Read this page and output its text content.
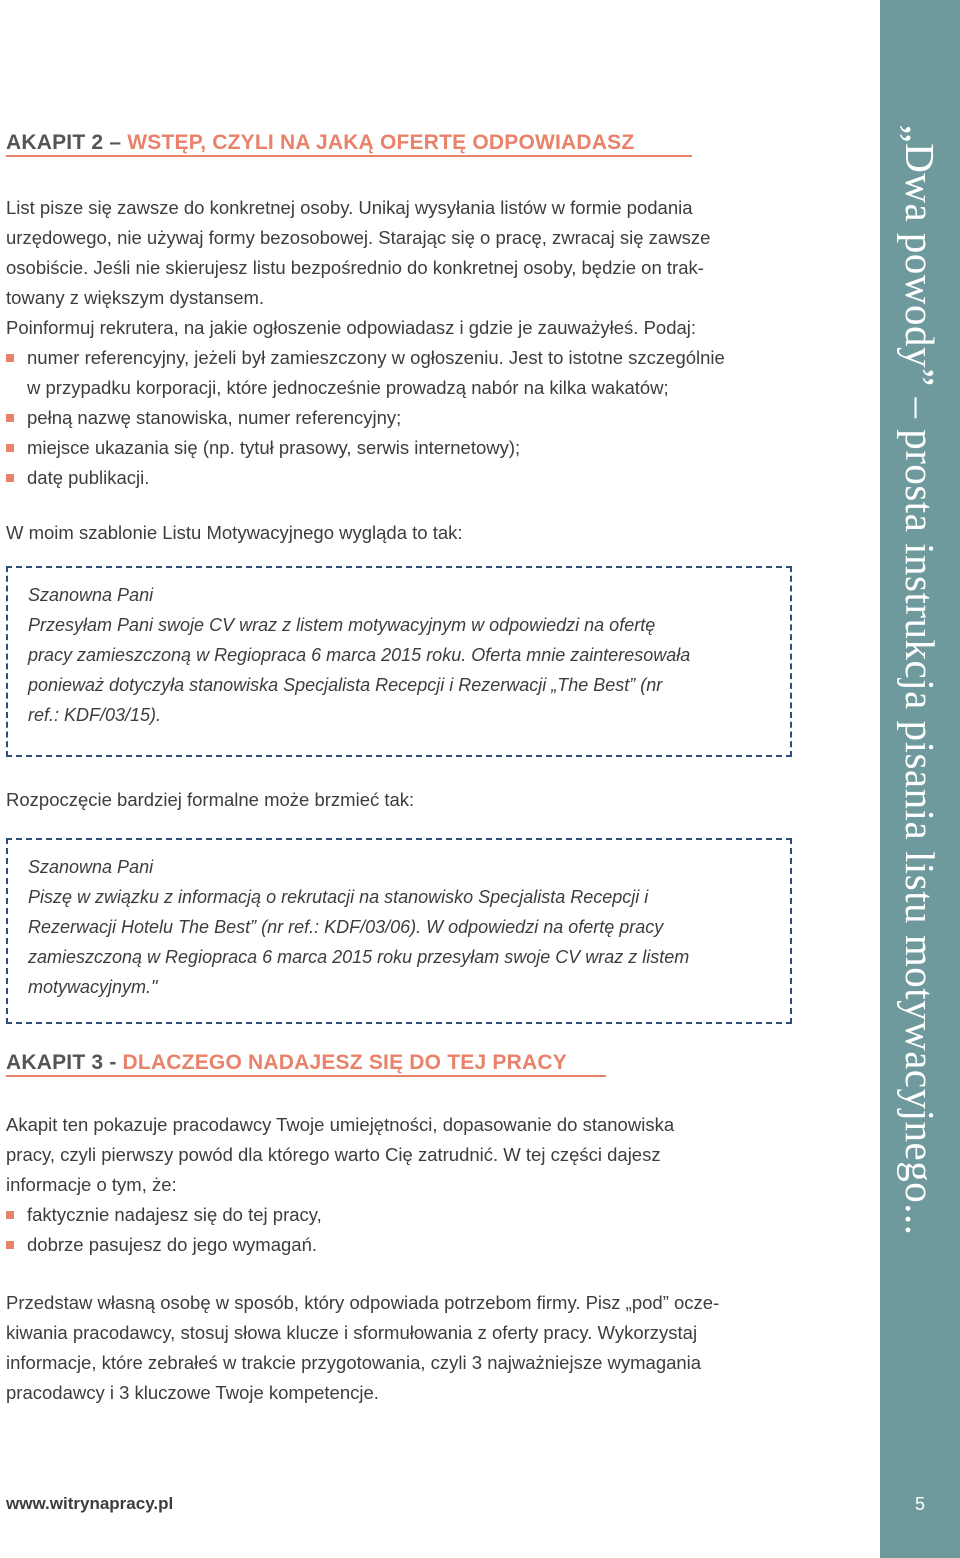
AKAPIT 2 – WSTĘP, CZYLI NA JAKĄ OFERTĘ ODPOWIADASZ

List pisze się zawsze do konkretnej osoby. Unikaj wysyłania listów w formie podania

urzędowego, nie używaj formy bezosobowej. Starając się o pracę, zwracaj się zawsze

osobiście. Jeśli nie skierujesz listu bezpośrednio do konkretnej osoby, będzie on trak-

towany z większym dystansem.

Poinformuj rekrutera, na jakie ogłoszenie odpowiadasz i gdzie je zauważyłeś. Podaj:

numer referencyjny, jeżeli był zamieszczony w ogłoszeniu. Jest to istotne szczególnie
w przypadku korporacji, które jednocześnie prowadzą nabór na kilka wakatów;
pełną nazwę stanowiska, numer referencyjny;
miejsce ukazania się (np. tytuł prasowy, serwis internetowy);
datę publikacji.

W moim szablonie Listu Motywacyjnego wygląda to tak:

Szanowna Pani

Przesyłam Pani swoje CV wraz z listem motywacyjnym w odpowiedzi na ofertę

pracy zamieszczoną w Regiopraca 6 marca 2015 roku. Oferta mnie zainteresowała

ponieważ dotyczyła stanowiska Specjalista Recepcji i Rezerwacji „The Best” (nr

ref.: KDF/03/15).

Rozpoczęcie bardziej formalne może brzmieć tak:

Szanowna Pani

Piszę w związku z informacją o rekrutacji na stanowisko Specjalista Recepcji i

Rezerwacji Hotelu The Best” (nr ref.: KDF/03/06). W odpowiedzi na ofertę pracy

zamieszczoną w Regiopraca 6 marca 2015 roku przesyłam swoje CV wraz z listem

motywacyjnym."

AKAPIT 3 - DLACZEGO NADAJESZ SIĘ DO TEJ PRACY

Akapit ten pokazuje pracodawcy Twoje umiejętności, dopasowanie do stanowiska

pracy, czyli pierwszy powód dla którego warto Cię zatrudnić. W tej części dajesz

informacje o tym, że:

faktycznie nadajesz się do tej pracy,
dobrze pasujesz do jego wymagań.

Przedstaw własną osobę w sposób, który odpowiada potrzebom firmy. Pisz „pod” ocze-

kiwania pracodawcy, stosuj słowa klucze i sformułowania z oferty pracy. Wykorzystaj

informacje, które zebrałeś w trakcie przygotowania, czyli 3 najważniejsze wymagania

pracodawcy i 3 kluczowe Twoje kompetencje.

www.witrynapracy.pl
„Dwa powody” – prosta instrukcja pisania listu motywacyjnego...
5
